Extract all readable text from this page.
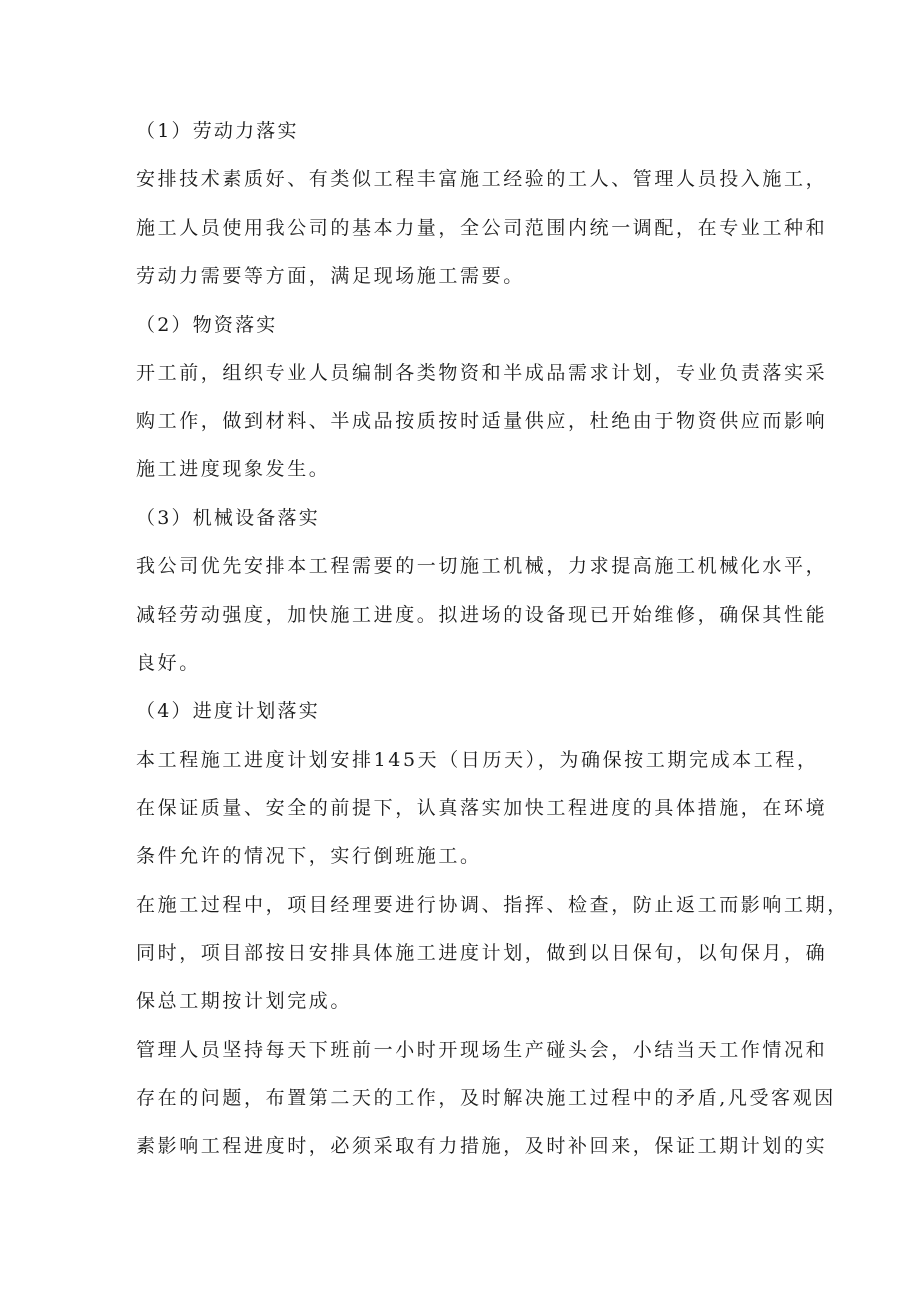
（1）劳动力落实
安排技术素质好、有类似工程丰富施工经验的工人、管理人员投入施工，
施工人员使用我公司的基本力量，全公司范围内统一调配，在专业工种和
劳动力需要等方面，满足现场施工需要。
（2）物资落实
开工前，组织专业人员编制各类物资和半成品需求计划，专业负责落实采
购工作，做到材料、半成品按质按时适量供应，杜绝由于物资供应而影响
施工进度现象发生。
（3）机械设备落实
我公司优先安排本工程需要的一切施工机械，力求提高施工机械化水平，
减轻劳动强度，加快施工进度。拟进场的设备现已开始维修，确保其性能
良好。
（4）进度计划落实
本工程施工进度计划安排145天（日历天），为确保按工期完成本工程，
在保证质量、安全的前提下，认真落实加快工程进度的具体措施，在环境
条件允许的情况下，实行倒班施工。
在施工过程中，项目经理要进行协调、指挥、检查，防止返工而影响工期，
同时，项目部按日安排具体施工进度计划，做到以日保旬，以旬保月，确
保总工期按计划完成。
管理人员坚持每天下班前一小时开现场生产碰头会，小结当天工作情况和
存在的问题，布置第二天的工作，及时解决施工过程中的矛盾,凡受客观因
素影响工程进度时，必须采取有力措施，及时补回来，保证工期计划的实
